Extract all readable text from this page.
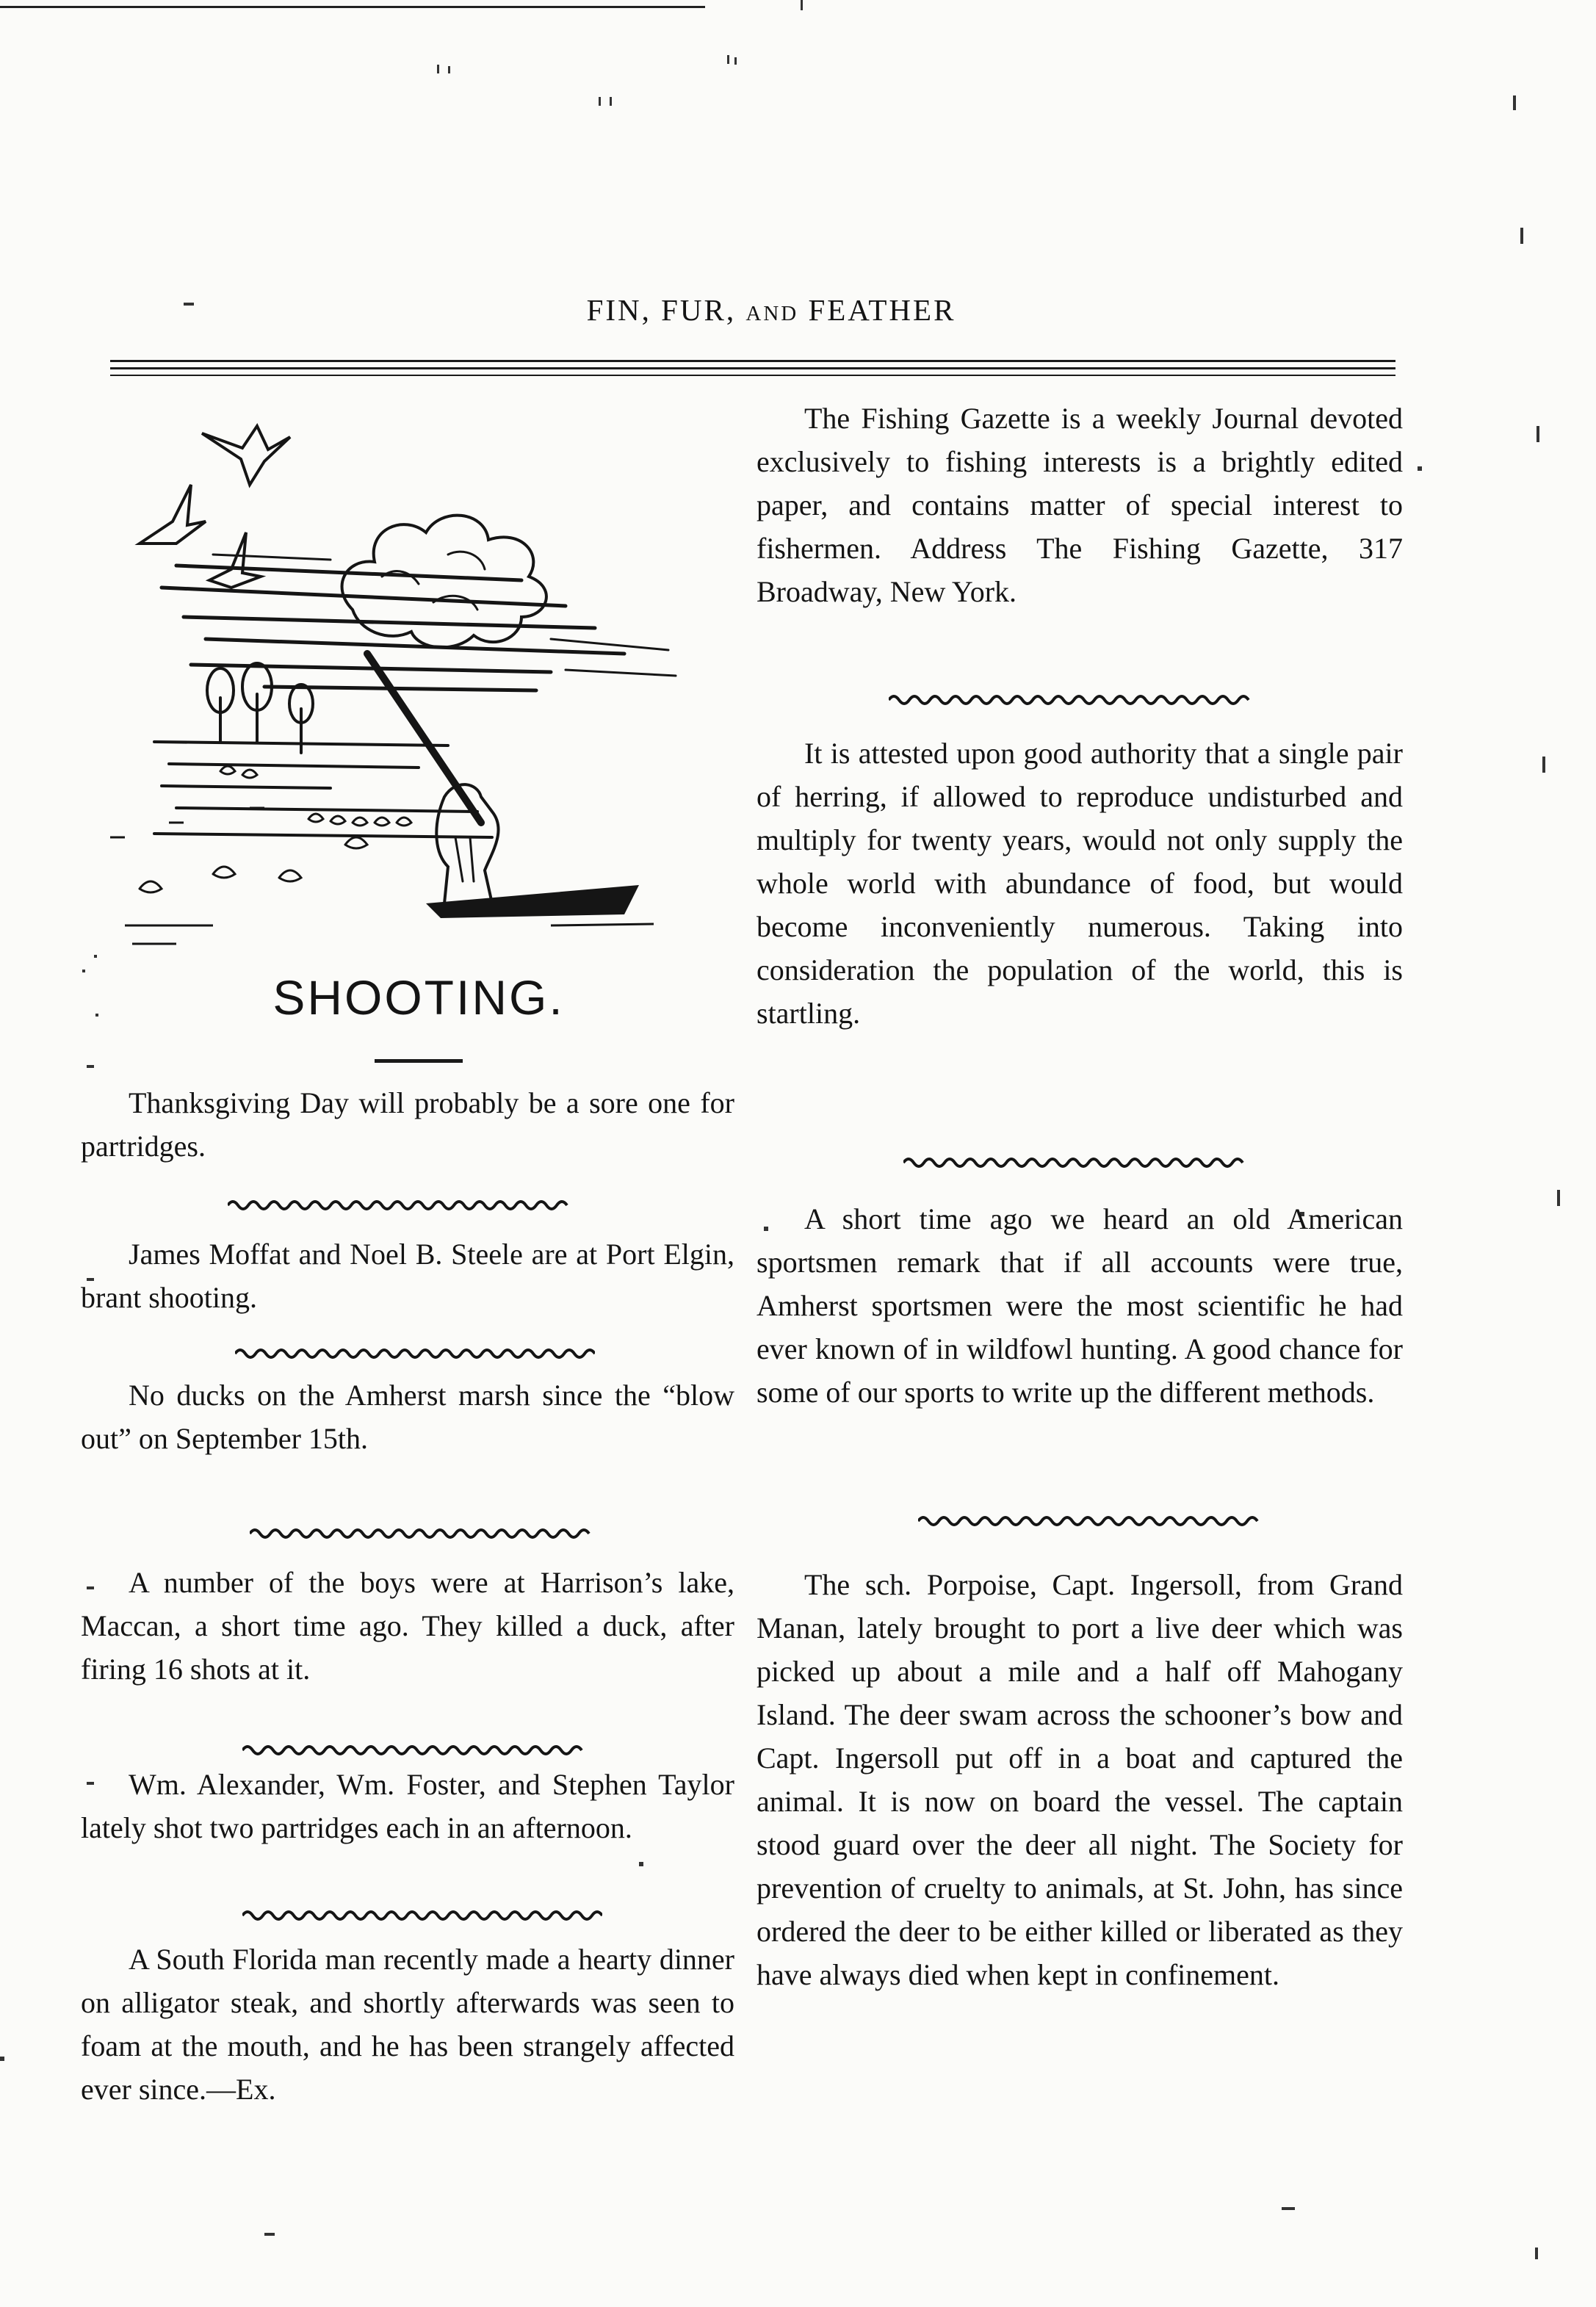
FIN, FUR, and FEATHER
SHOOTING.

Thanksgiving Day will probably be a sore one for partridges.

James Moffat and Noel B. Steele are at Port Elgin, brant shooting.

No ducks on the Amherst marsh since the “blow out” on September 15th.

A number of the boys were at Harrison’s lake, Maccan, a short time ago. They killed a duck, after firing 16 shots at it.

Wm. Alexander, Wm. Foster, and Stephen Taylor lately shot two partridges each in an afternoon.

A South Florida man recently made a hearty dinner on alligator steak, and shortly afterwards was seen to foam at the mouth, and he has been strangely affected ever since.—Ex.

The Fishing Gazette is a weekly Journal devoted exclusively to fishing interests is a brightly edited paper, and contains matter of special interest to fishermen. Address The Fishing Gazette, 317 Broadway, New York.

It is attested upon good authority that a single pair of herring, if allowed to reproduce undisturbed and multiply for twenty years, would not only supply the whole world with abundance of food, but would become inconveniently numerous. Taking into consideration the population of the world, this is startling.

A short time ago we heard an old American sportsmen remark that if all accounts were true, Amherst sportsmen were the most scientific he had ever known of in wildfowl hunting. A good chance for some of our sports to write up the different methods.

The sch. Porpoise, Capt. Ingersoll, from Grand Manan, lately brought to port a live deer which was picked up about a mile and a half off Mahogany Island. The deer swam across the schooner’s bow and Capt. Ingersoll put off in a boat and captured the animal. It is now on board the vessel. The captain stood guard over the deer all night. The Society for prevention of cruelty to animals, at St. John, has since ordered the deer to be either killed or liberated as they have always died when kept in confinement.
